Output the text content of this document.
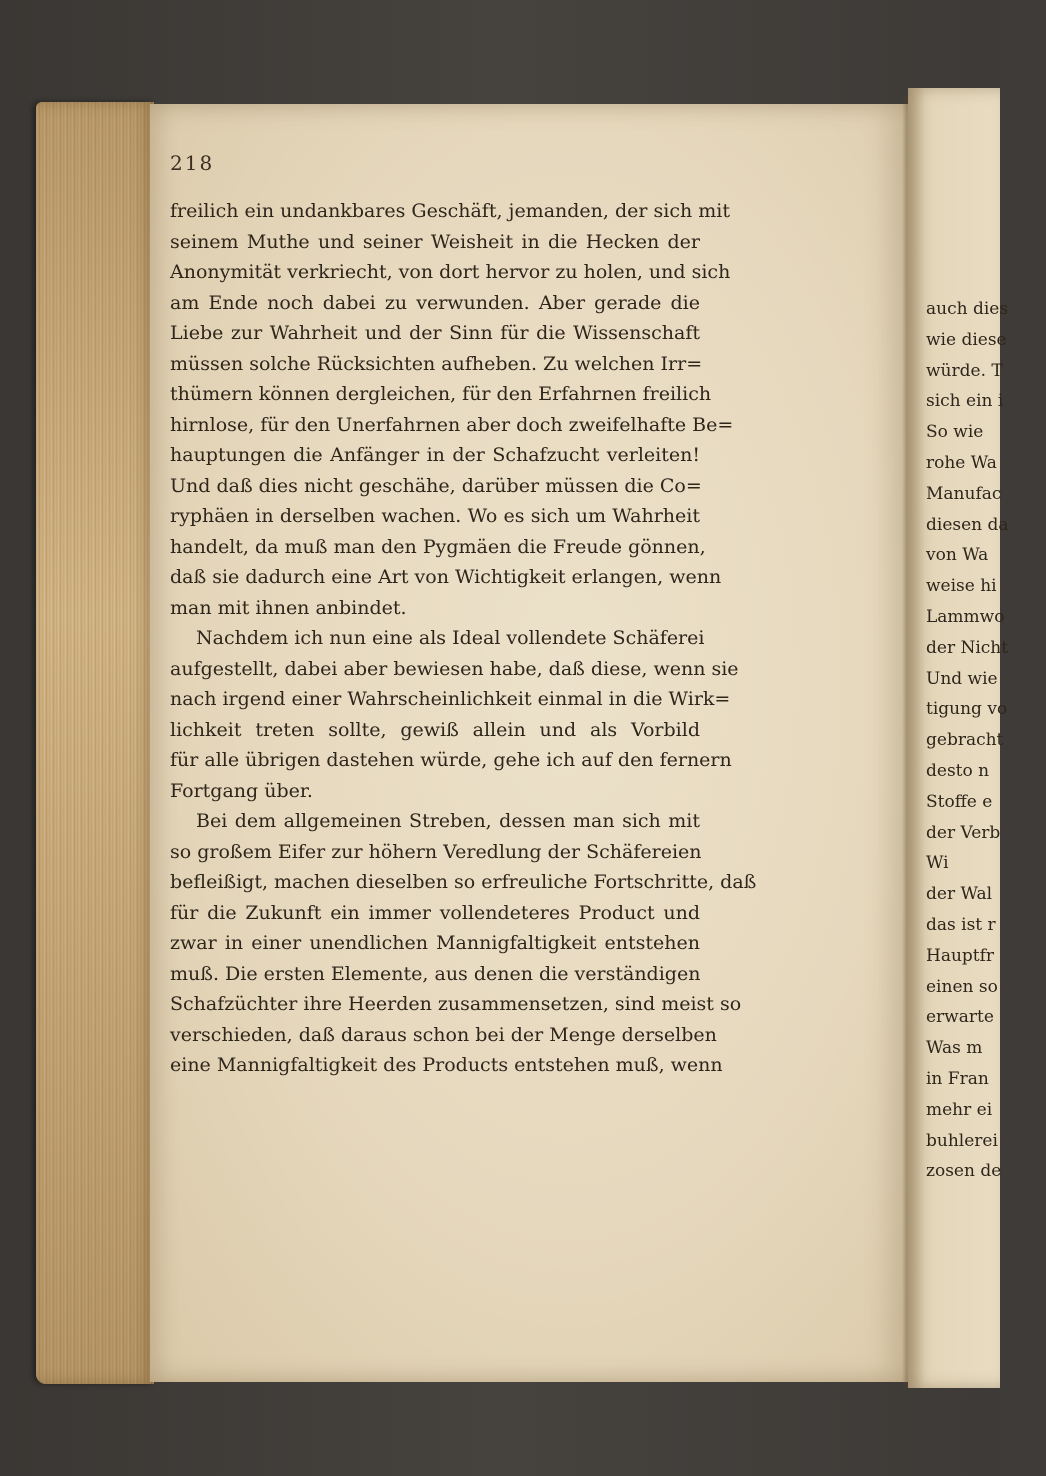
auch dies
wie diese
würde. T
sich ein i
So wie
rohe Wa
Manufac
diesen da
von Wa
weise hi
Lammwo
der Nicht
Und wie
tigung vo
gebracht
desto n
Stoffe e
der Verb
Wi
der Wal
das ist r
Hauptfr
einen so
erwarte
Was m
in Fran
mehr ei
buhlerei
zosen de

218

freilich ein undankbares Geschäft, jemanden, der sich mit
seinem Muthe und seiner Weisheit in die Hecken der
Anonymität verkriecht, von dort hervor zu holen, und sich
am Ende noch dabei zu verwunden. Aber gerade die
Liebe zur Wahrheit und der Sinn für die Wissenschaft
müssen solche Rücksichten aufheben. Zu welchen Irr=
thümern können dergleichen, für den Erfahrnen freilich
hirnlose, für den Unerfahrnen aber doch zweifelhafte Be=
hauptungen die Anfänger in der Schafzucht verleiten!
Und daß dies nicht geschähe, darüber müssen die Co=
ryphäen in derselben wachen. Wo es sich um Wahrheit
handelt, da muß man den Pygmäen die Freude gönnen,
daß sie dadurch eine Art von Wichtigkeit erlangen, wenn
man mit ihnen anbindet.
Nachdem ich nun eine als Ideal vollendete Schäferei
aufgestellt, dabei aber bewiesen habe, daß diese, wenn sie
nach irgend einer Wahrscheinlichkeit einmal in die Wirk=
lichkeit treten sollte, gewiß allein und als Vorbild
für alle übrigen dastehen würde, gehe ich auf den fernern
Fortgang über.
Bei dem allgemeinen Streben, dessen man sich mit
so großem Eifer zur höhern Veredlung der Schäfereien
befleißigt, machen dieselben so erfreuliche Fortschritte, daß
für die Zukunft ein immer vollendeteres Product und
zwar in einer unendlichen Mannigfaltigkeit entstehen
muß. Die ersten Elemente, aus denen die verständigen
Schafzüchter ihre Heerden zusammensetzen, sind meist so
verschieden, daß daraus schon bei der Menge derselben
eine Mannigfaltigkeit des Products entstehen muß, wenn
